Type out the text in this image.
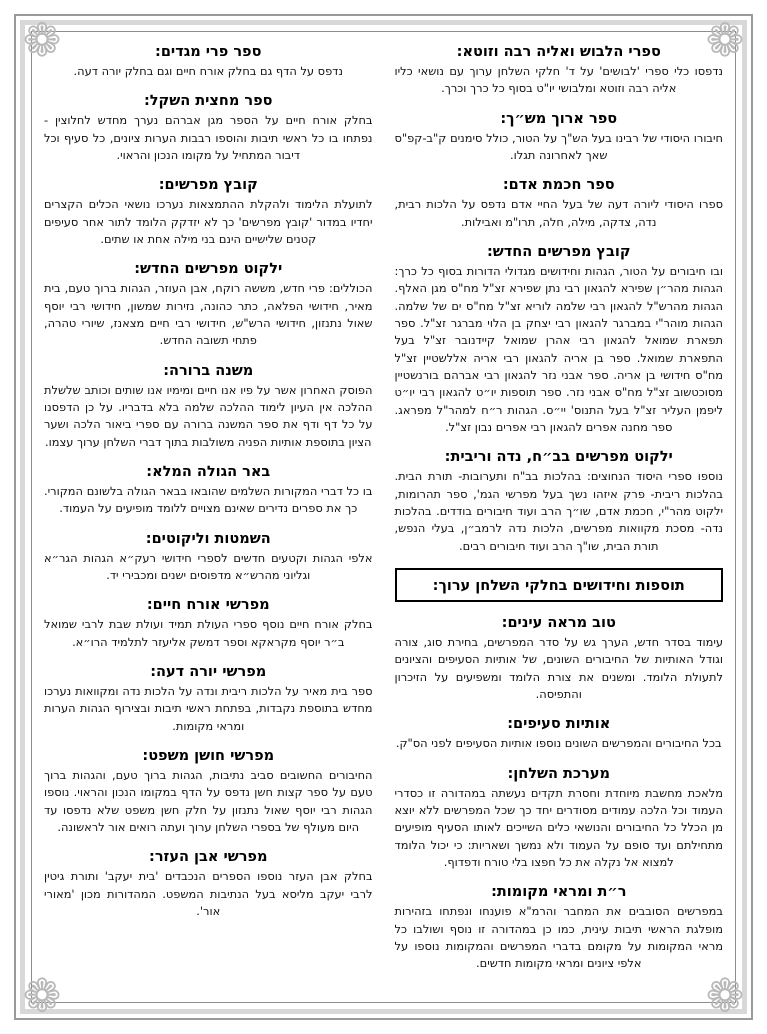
❁	❁
❁	❁
ספרי הלבוש ואליה רבה וזוטא:

נדפסו כלי ספרי 'לבושים' על ד' חלקי השלחן ערוך עם נושאי כליו אליה רבה וזוטא ומלבושי יו"ט בסוף כל כרך וכרך.

ספר ארוך מש״ך:

חיבורו היסודי של רבינו בעל הש"ך על הטור, כולל סימנים ק"ב-קפ"ס שאך לאחרונה תגלו.

ספר חכמת אדם:

ספרו היסודי ליורה דעה של בעל החיי אדם נדפס על הלכות רבית, נדה, צדקה, מילה, חלה, תרו"מ ואבילות.

קובץ מפרשים החדש:

ובו חיבורים על הטור, הגהות וחידושים מגדולי הדורות בסוף כל כרך: הגהות מהר״ן שפירא להגאון רבי נתן שפירא זצ"ל מח"ס מגן האלף. הגהות מהרש"ל להגאון רבי שלמה לוריא זצ"ל מח"ס ים של שלמה. הגהות מוהר"י במברגר להגאון רבי יצחק בן הלוי מברגר זצ"ל. ספר תפארת שמואל להגאון רבי אהרן שמואל קיידנובר זצ"ל בעל התפארת שמואל. ספר בן אריה להגאון רבי אריה אללשטיין זצ"ל מח"ס חידושי בן אריה. ספר אבני נזר להגאון רבי אברהם בורנשטיין מסוכטשוב זצ"ל מח"ס אבני נזר. ספר תוספות יו״ט להגאון רבי יו״ט ליפמן העליר זצ"ל בעל התנוס' יי״ס. הגהות ר״ח למהר"ל מפראג. ספר מחנה אפרים להגאון רבי אפרים נבון זצ"ל.

ילקוט מפרשים בב״ח, נדה וריבית:

נוספו ספרי היסוד הנחוצים: בהלכות בב"ח ותערובות- תורת הבית. בהלכות ריבית- פרק איזהו נשך בעל מפרשי הגמ', ספר תהרומות, ילקוט מהר"י, חכמת אדם, שו״ך הרב ועוד חיבורים בודדים. בהלכות נדה- מסכת מקוואות מפרשים, הלכות נדה לרמב״ן, בעלי הנפש, תורת הבית, שו"ך הרב ועוד חיבורים רבים.

תוספות וחידושים בחלקי השלחן ערוך:
טוב מראה עינים:

עימוד בסדר חדש, הערך גש על סדר המפרשים, בחירת סוג, צורה וגודל האותיות של החיבורים השונים, של אותיות הסעיפים והציונים לתעולת הלומד. ומשנים את צורת הלומד ומשפיעים על הזיכרון והתפיסה.

אותיות סעיפים:

בכל החיבורים והמפרשים השונים נוספו אותיות הסעיפים לפני הס"ק.

מערכת השלחן:

מלאכת מחשבת מיוחדת וחסרת תקדים נעשתה במהדורה זו כסדרי העמוד וכל הלכה עמודים מסודרים יחד כך שכל המפרשים ללא יוצא מן הכלל כל החיבורים והנושאי כלים השייכים לאותו הסעיף מופיעים מתחילתם ועד סופם על העמוד ולא נמשך ושאריות: כי יכול הלומד למצוא אל נקלה את כל חפצו בלי טורח ודפדוף.

ר״ת ומראי מקומות:

במפרשים הסובבים את המחבר והרמ"א פוענחו ונפתחו בזהירות מופלגת הראשי תיבות עינית, כמו כן במהדורה זו נוסף ושולבו כל מראי המקומות על מקומם בדברי המפרשים והמקומות נוספו על אלפי ציונים ומראי מקומות חדשים.

ספר פרי מגדים:

נדפס על הדף גם בחלק אורח חיים וגם בחלק יורה דעה.

ספר מחצית השקל:

בחלק אורח חיים על הספר מגן אברהם נערך מחדש לחלוצין - נפתחו בו כל ראשי תיבות והוספו רבבות הערות ציונים, כל סעיף וכל דיבור המתחיל על מקומו הנכון והראוי.

קובץ מפרשים:

לתועלת הלימוד ולהקלת ההתמצאות נערכו נושאי הכלים הקצרים יחדיו במדור 'קובץ מפרשים' כך לא יזדקק הלומד לתור אחר סעיפים קטנים שלישיים הינם בני מילה אחת או שתים.

ילקוט מפרשים החדש:

הכוללים: פרי חדש, מששה רוקח, אבן העוזר, הגהות ברוך טעם, בית מאיר, חידושי הפלאה, כתר כהונה, נזירות שמשון, חידושי רבי יוסף שאול נתנזון, חידושי הרש"ש, חידושי רבי חיים מצאנז, שיורי טהרה, פתחי תשובה החדש.

משנה ברורה:

הפוסק האחרון אשר על פיו אנו חיים ומימיו אנו שותים וכותב שלשלת ההלכה אין העיון לימוד ההלכה שלמה בלא בדבריו. על כן הדפסנו על כל דף ודף את ספר המשנה ברורה עם ספרי ביאור הלכה ושער הציון בתוספת אותיות הפניה משולבות בתוך דברי השלחן ערוך עצמו.

באר הגולה המלא:

בו כל דברי המקורות השלמים שהובאו בבאר הגולה בלשונם המקורי. כך את ספרים נדירים שאינם מצויים ללומד מופיעים על העמוד.

השמטות וליקוטים:

אלפי הגהות וקטעים חדשים לספרי חידושי רעק״א הגהות הגר״א וגליוני מהרש״א מדפוסים ישנים ומכבירי יד.

מפרשי אורח חיים:

בחלק אורח חיים נוסף ספרי העולת תמיד ועולת שבת לרבי שמואל ב״ר יוסף מקראקא וספר דמשק אליעזר לתלמיד הרו״א.

מפרשי יורה דעה:

ספר בית מאיר על הלכות ריבית ונדה על הלכות נדה ומקוואות נערכו מחדש בתוספת נקבדות, בפתחת ראשי תיבות ובצירוף הגהות הערות ומראי מקומות.

מפרשי חושן משפט:

החיבורים החשובים סביב נתיבות, הגהות ברוך טעם, והגהות ברוך טעם על ספר קצות חשן נדפס על הדף במקומו הנכון והראוי. נוספו הגהות רבי יוסף שאול נתנזון על חלק חשן משפט שלא נדפסו עד היום מעולף של בספרי השלחן ערוך ועתה רואים אור לראשונה.

מפרשי אבן העזר:

בחלק אבן העזר נוספו הספרים הנכבדים 'בית יעקב' ותורת גיטין לרבי יעקב מליסא בעל הנתיבות המשפט. המהדורות מכון 'מאורי אור'.
